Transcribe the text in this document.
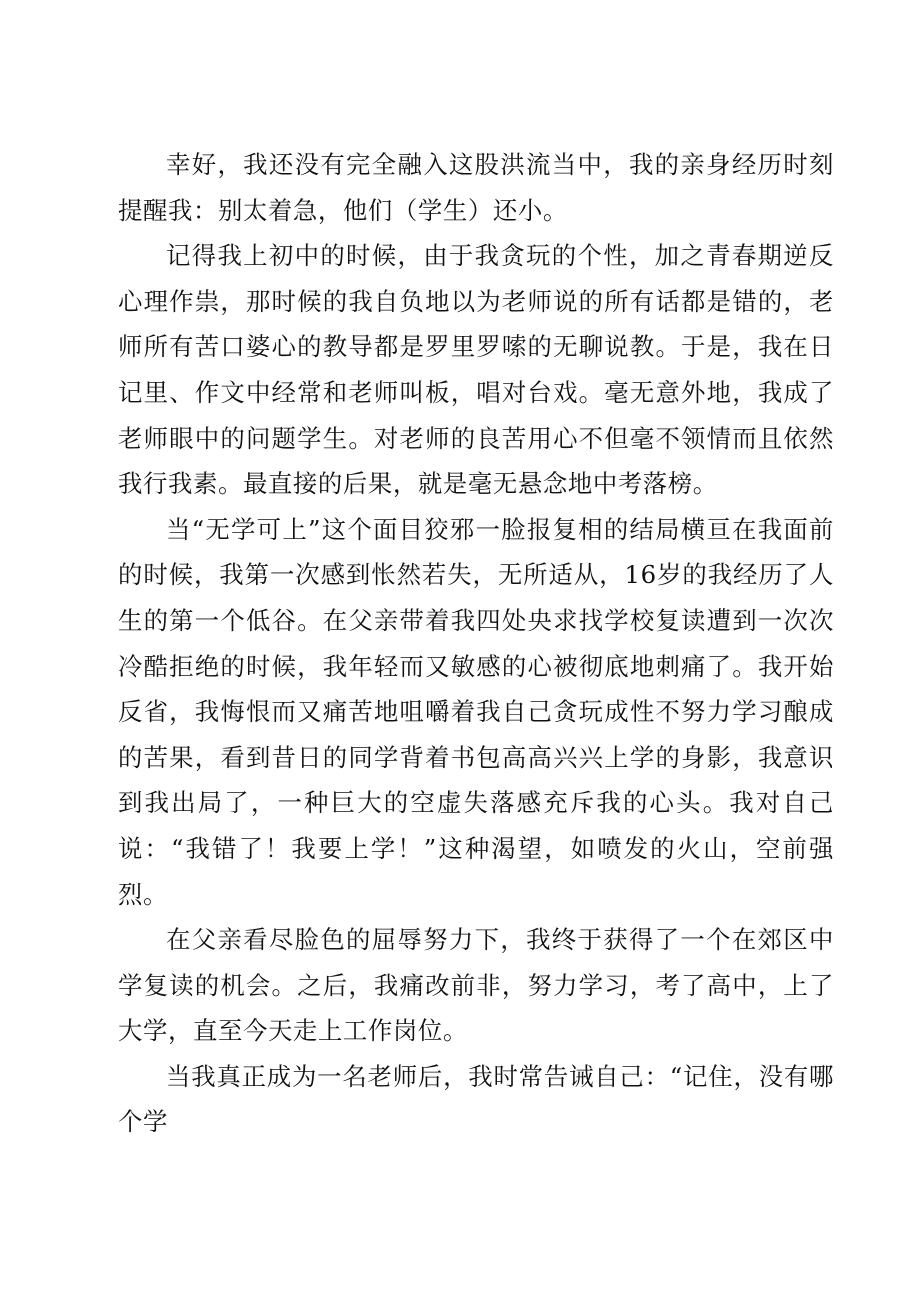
幸好，我还没有完全融入这股洪流当中，我的亲身经历时刻提醒我：别太着急，他们（学生）还小。

记得我上初中的时候，由于我贪玩的个性，加之青春期逆反心理作祟，那时候的我自负地以为老师说的所有话都是错的，老师所有苦口婆心的教导都是罗里罗嗦的无聊说教。于是，我在日记里、作文中经常和老师叫板，唱对台戏。毫无意外地，我成了老师眼中的问题学生。对老师的良苦用心不但毫不领情而且依然我行我素。最直接的后果，就是毫无悬念地中考落榜。

当“无学可上”这个面目狡邪一脸报复相的结局横亘在我面前的时候，我第一次感到怅然若失，无所适从，16岁的我经历了人生的第一个低谷。在父亲带着我四处央求找学校复读遭到一次次冷酷拒绝的时候，我年轻而又敏感的心被彻底地刺痛了。我开始反省，我悔恨而又痛苦地咀嚼着我自己贪玩成性不努力学习酿成的苦果，看到昔日的同学背着书包高高兴兴上学的身影，我意识到我出局了，一种巨大的空虚失落感充斥我的心头。我对自己说：“我错了！我要上学！”这种渴望，如喷发的火山，空前强烈。

在父亲看尽脸色的屈辱努力下，我终于获得了一个在郊区中学复读的机会。之后，我痛改前非，努力学习，考了高中，上了大学，直至今天走上工作岗位。

当我真正成为一名老师后，我时常告诫自己：“记住，没有哪个学
